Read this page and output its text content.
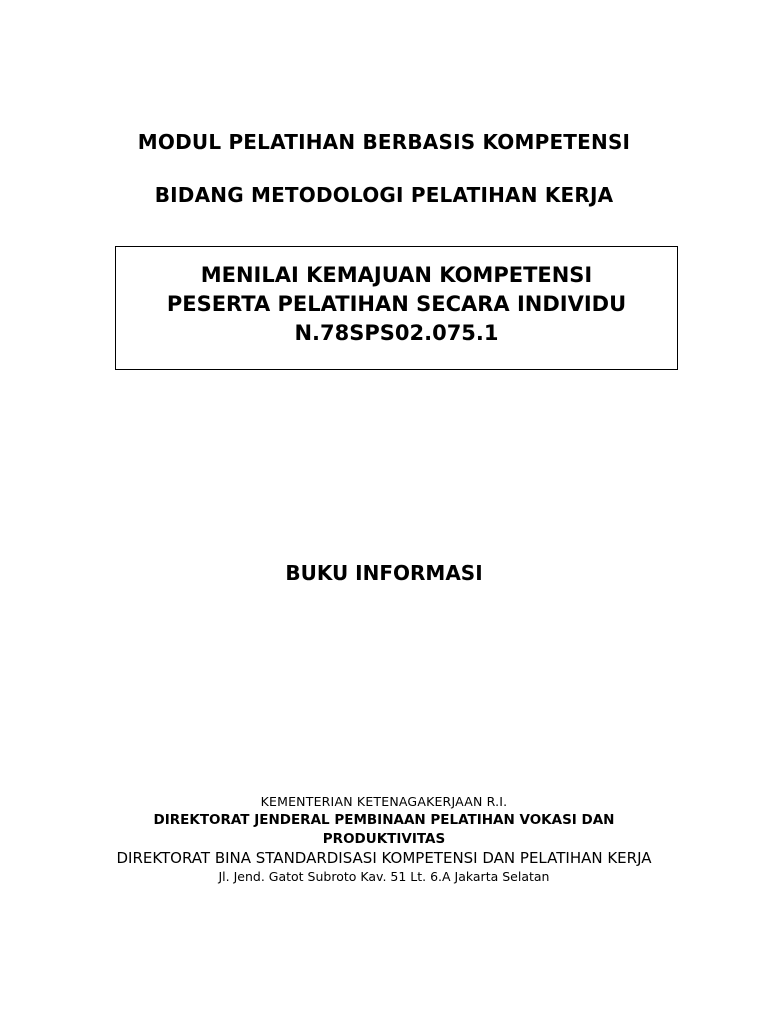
MODUL PELATIHAN BERBASIS KOMPETENSI
BIDANG METODOLOGI PELATIHAN KERJA
MENILAI KEMAJUAN KOMPETENSI
PESERTA PELATIHAN SECARA INDIVIDU
N.78SPS02.075.1
BUKU INFORMASI
KEMENTERIAN KETENAGAKERJAAN R.I.
DIREKTORAT JENDERAL PEMBINAAN PELATIHAN VOKASI DAN
PRODUKTIVITAS
DIREKTORAT BINA STANDARDISASI KOMPETENSI DAN PELATIHAN KERJA
Jl. Jend. Gatot Subroto Kav. 51 Lt. 6.A Jakarta Selatan
